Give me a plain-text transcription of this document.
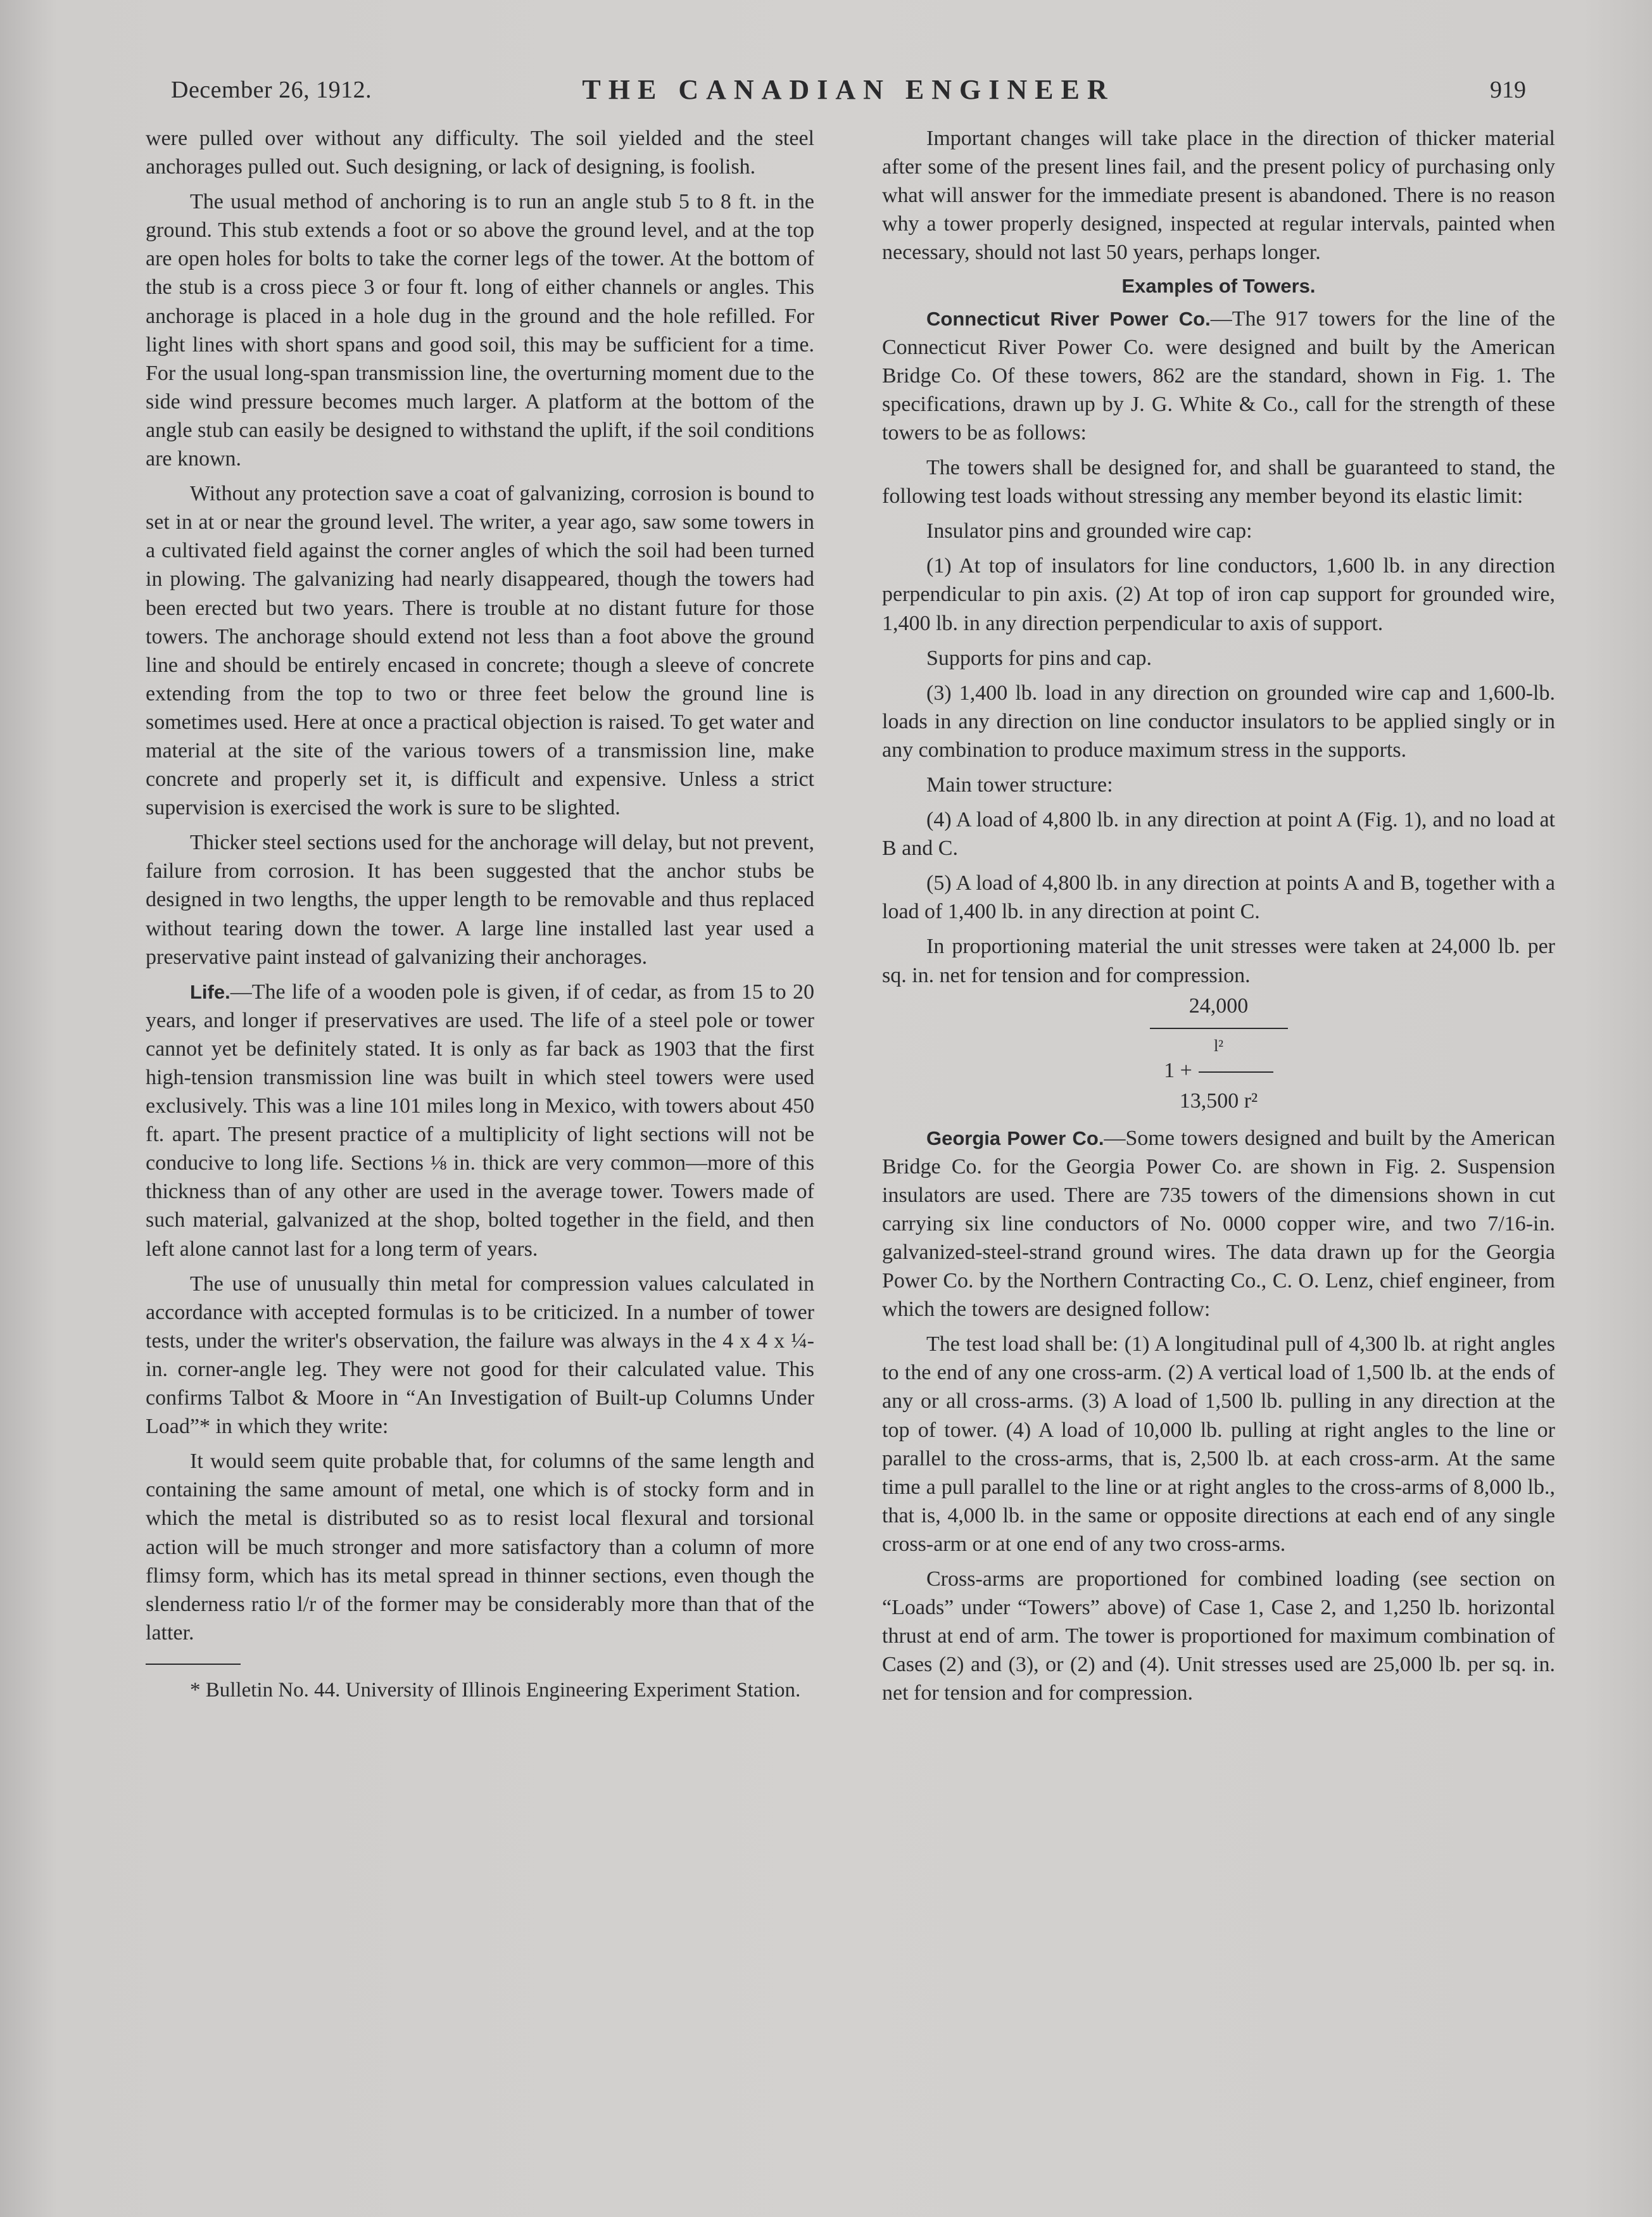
December 26, 1912.	THE CANADIAN ENGINEER	919

were pulled over without any difficulty. The soil yielded and the steel anchorages pulled out. Such designing, or lack of designing, is foolish.

The usual method of anchoring is to run an angle stub 5 to 8 ft. in the ground. This stub extends a foot or so above the ground level, and at the top are open holes for bolts to take the corner legs of the tower. At the bottom of the stub is a cross piece 3 or four ft. long of either channels or angles. This anchorage is placed in a hole dug in the ground and the hole refilled. For light lines with short spans and good soil, this may be sufficient for a time. For the usual long-span transmission line, the overturning moment due to the side wind pressure becomes much larger. A platform at the bottom of the angle stub can easily be designed to withstand the uplift, if the soil conditions are known.

Without any protection save a coat of galvanizing, corrosion is bound to set in at or near the ground level. The writer, a year ago, saw some towers in a cultivated field against the corner angles of which the soil had been turned in plowing. The galvanizing had nearly disappeared, though the towers had been erected but two years. There is trouble at no distant future for those towers. The anchorage should extend not less than a foot above the ground line and should be entirely encased in concrete; though a sleeve of concrete extending from the top to two or three feet below the ground line is sometimes used. Here at once a practical objection is raised. To get water and material at the site of the various towers of a transmission line, make concrete and properly set it, is difficult and expensive. Unless a strict supervision is exercised the work is sure to be slighted.

Thicker steel sections used for the anchorage will delay, but not prevent, failure from corrosion. It has been suggested that the anchor stubs be designed in two lengths, the upper length to be removable and thus replaced without tearing down the tower. A large line installed last year used a preservative paint instead of galvanizing their anchorages.

Life.—The life of a wooden pole is given, if of cedar, as from 15 to 20 years, and longer if preservatives are used. The life of a steel pole or tower cannot yet be definitely stated. It is only as far back as 1903 that the first high-tension transmission line was built in which steel towers were used exclusively. This was a line 101 miles long in Mexico, with towers about 450 ft. apart. The present practice of a multiplicity of light sections will not be conducive to long life. Sections ⅛ in. thick are very common—more of this thickness than of any other are used in the average tower. Towers made of such material, galvanized at the shop, bolted together in the field, and then left alone cannot last for a long term of years.

The use of unusually thin metal for compression values calculated in accordance with accepted formulas is to be criticized. In a number of tower tests, under the writer's observation, the failure was always in the 4 x 4 x ¼-in. corner-angle leg. They were not good for their calculated value. This confirms Talbot & Moore in “An Investigation of Built-up Columns Under Load”* in which they write:

It would seem quite probable that, for columns of the same length and containing the same amount of metal, one which is of stocky form and in which the metal is distributed so as to resist local flexural and torsional action will be much stronger and more satisfactory than a column of more flimsy form, which has its metal spread in thinner sections, even though the slenderness ratio l/r of the former may be considerably more than that of the latter.

* Bulletin No. 44. University of Illinois Engineering Experiment Station.

Important changes will take place in the direction of thicker material after some of the present lines fail, and the present policy of purchasing only what will answer for the immediate present is abandoned. There is no reason why a tower properly designed, inspected at regular intervals, painted when necessary, should not last 50 years, perhaps longer.

Examples of Towers.

Connecticut River Power Co.—The 917 towers for the line of the Connecticut River Power Co. were designed and built by the American Bridge Co. Of these towers, 862 are the standard, shown in Fig. 1. The specifications, drawn up by J. G. White & Co., call for the strength of these towers to be as follows:

The towers shall be designed for, and shall be guaranteed to stand, the following test loads without stressing any member beyond its elastic limit:

Insulator pins and grounded wire cap:

(1) At top of insulators for line conductors, 1,600 lb. in any direction perpendicular to pin axis. (2) At top of iron cap support for grounded wire, 1,400 lb. in any direction perpendicular to axis of support.

Supports for pins and cap.

(3) 1,400 lb. load in any direction on grounded wire cap and 1,600-lb. loads in any direction on line conductor insulators to be applied singly or in any combination to produce maximum stress in the supports.

Main tower structure:

(4) A load of 4,800 lb. in any direction at point A (Fig. 1), and no load at B and C.

(5) A load of 4,800 lb. in any direction at points A and B, together with a load of 1,400 lb. in any direction at point C.

In proportioning material the unit stresses were taken at 24,000 lb. per sq. in. net for tension and for compression.

24,000
l²
1 +
13,500 r²

Georgia Power Co.—Some towers designed and built by the American Bridge Co. for the Georgia Power Co. are shown in Fig. 2. Suspension insulators are used. There are 735 towers of the dimensions shown in cut carrying six line conductors of No. 0000 copper wire, and two 7/16-in. galvanized-steel-strand ground wires. The data drawn up for the Georgia Power Co. by the Northern Contracting Co., C. O. Lenz, chief engineer, from which the towers are designed follow:

The test load shall be: (1) A longitudinal pull of 4,300 lb. at right angles to the end of any one cross-arm. (2) A vertical load of 1,500 lb. at the ends of any or all cross-arms. (3) A load of 1,500 lb. pulling in any direction at the top of tower. (4) A load of 10,000 lb. pulling at right angles to the line or parallel to the cross-arms, that is, 2,500 lb. at each cross-arm. At the same time a pull parallel to the line or at right angles to the cross-arms of 8,000 lb., that is, 4,000 lb. in the same or opposite directions at each end of any single cross-arm or at one end of any two cross-arms.

Cross-arms are proportioned for combined loading (see section on “Loads” under “Towers” above) of Case 1, Case 2, and 1,250 lb. horizontal thrust at end of arm. The tower is proportioned for maximum combination of Cases (2) and (3), or (2) and (4). Unit stresses used are 25,000 lb. per sq. in. net for tension and for compression.
